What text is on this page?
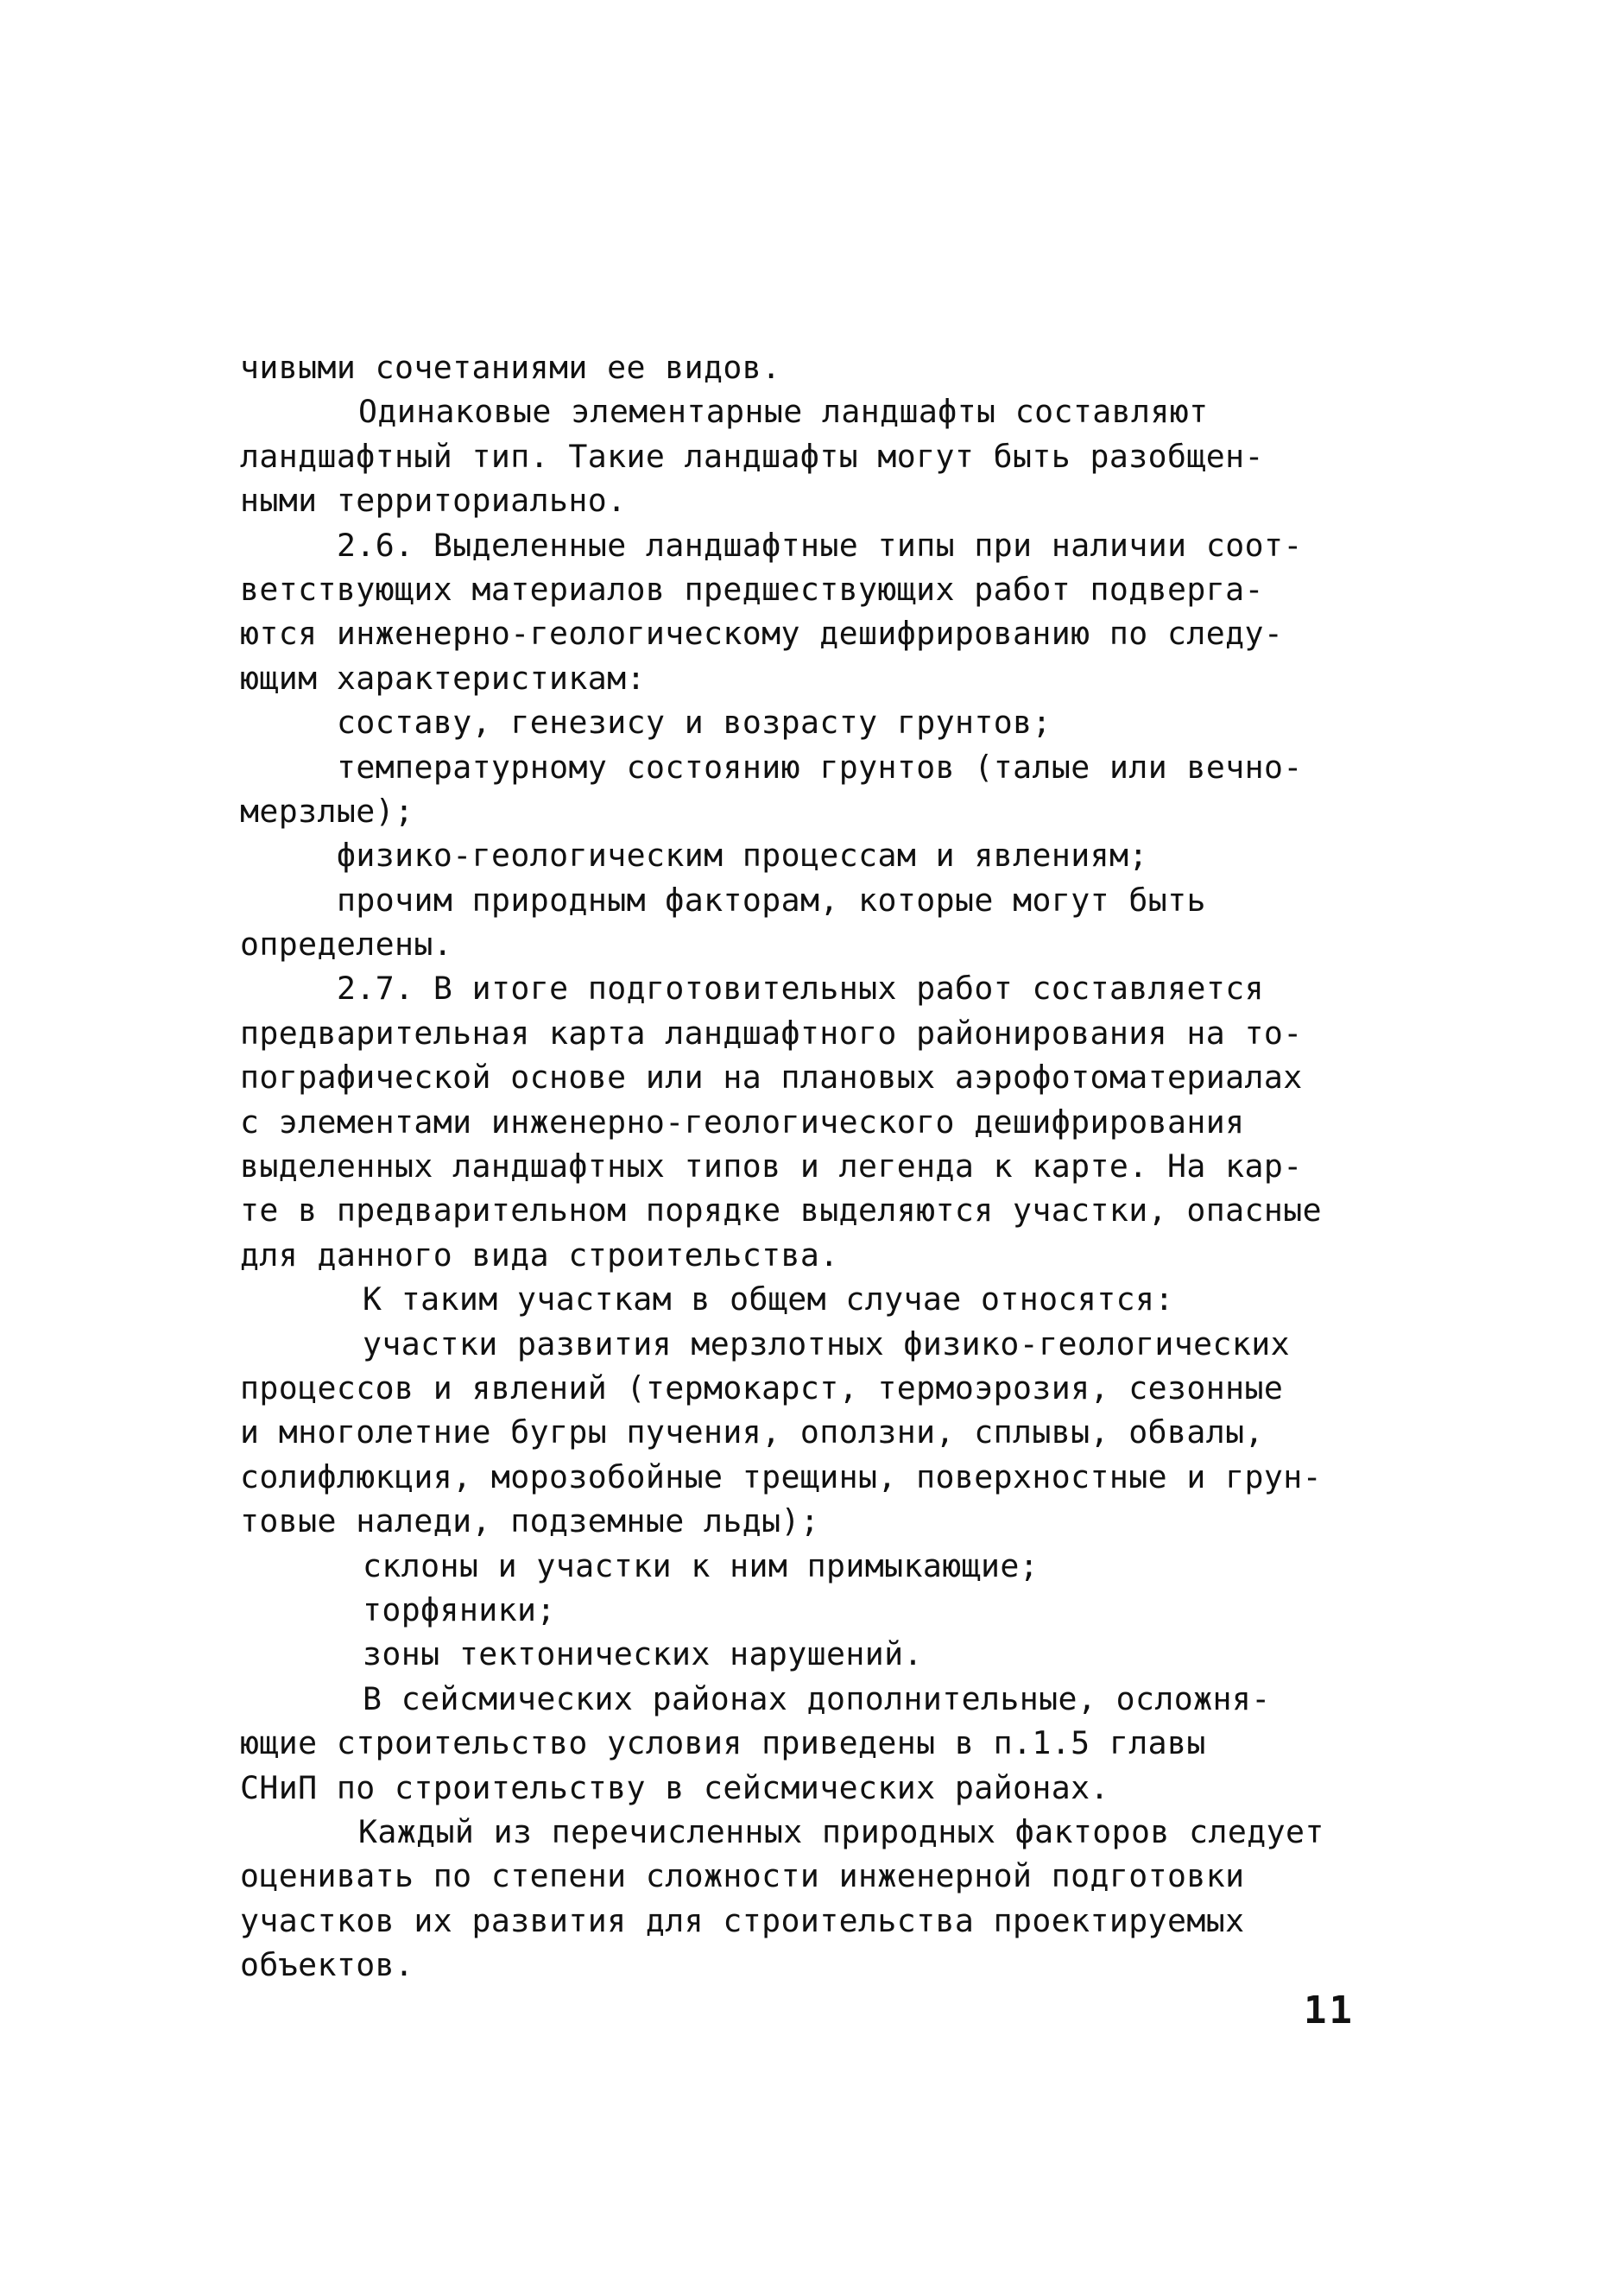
чивыми сочетаниями ее видов.
Одинаковые элементарные ландшафты составляют
ландшафтный тип. Такие ландшафты могут быть разобщен-
ными территориально.
2.6. Выделенные ландшафтные типы при наличии соот-
ветствующих материалов предшествующих работ подверга-
ются инженерно-геологическому дешифрированию по следу-
ющим характеристикам:
составу, генезису и возрасту грунтов;
температурному состоянию грунтов (талые или вечно-
мерзлые);
физико-геологическим процессам и явлениям;
прочим природным факторам, которые могут быть
определены.
2.7. В итоге подготовительных работ составляется
предварительная карта ландшафтного районирования на то-
пографической основе или на плановых аэрофотоматериалах
с элементами инженерно-геологического дешифрирования
выделенных ландшафтных типов и легенда к карте. На кар-
те в предварительном порядке выделяются участки, опасные
для данного вида строительства.
К таким участкам в общем случае относятся:
участки развития мерзлотных физико-геологических
процессов и явлений (термокарст, термоэрозия, сезонные
и многолетние бугры пучения, оползни, сплывы, обвалы,
солифлюкция, морозобойные трещины, поверхностные и грун-
товые наледи, подземные льды);
склоны и участки к ним примыкающие;
торфяники;
зоны тектонических нарушений.
В сейсмических районах дополнительные, осложня-
ющие строительство условия приведены в п.1.5 главы
СНиП по строительству в сейсмических районах.
Каждый из перечисленных природных факторов следует
оценивать по степени сложности инженерной подготовки
участков их развития для строительства проектируемых
объектов.
11
